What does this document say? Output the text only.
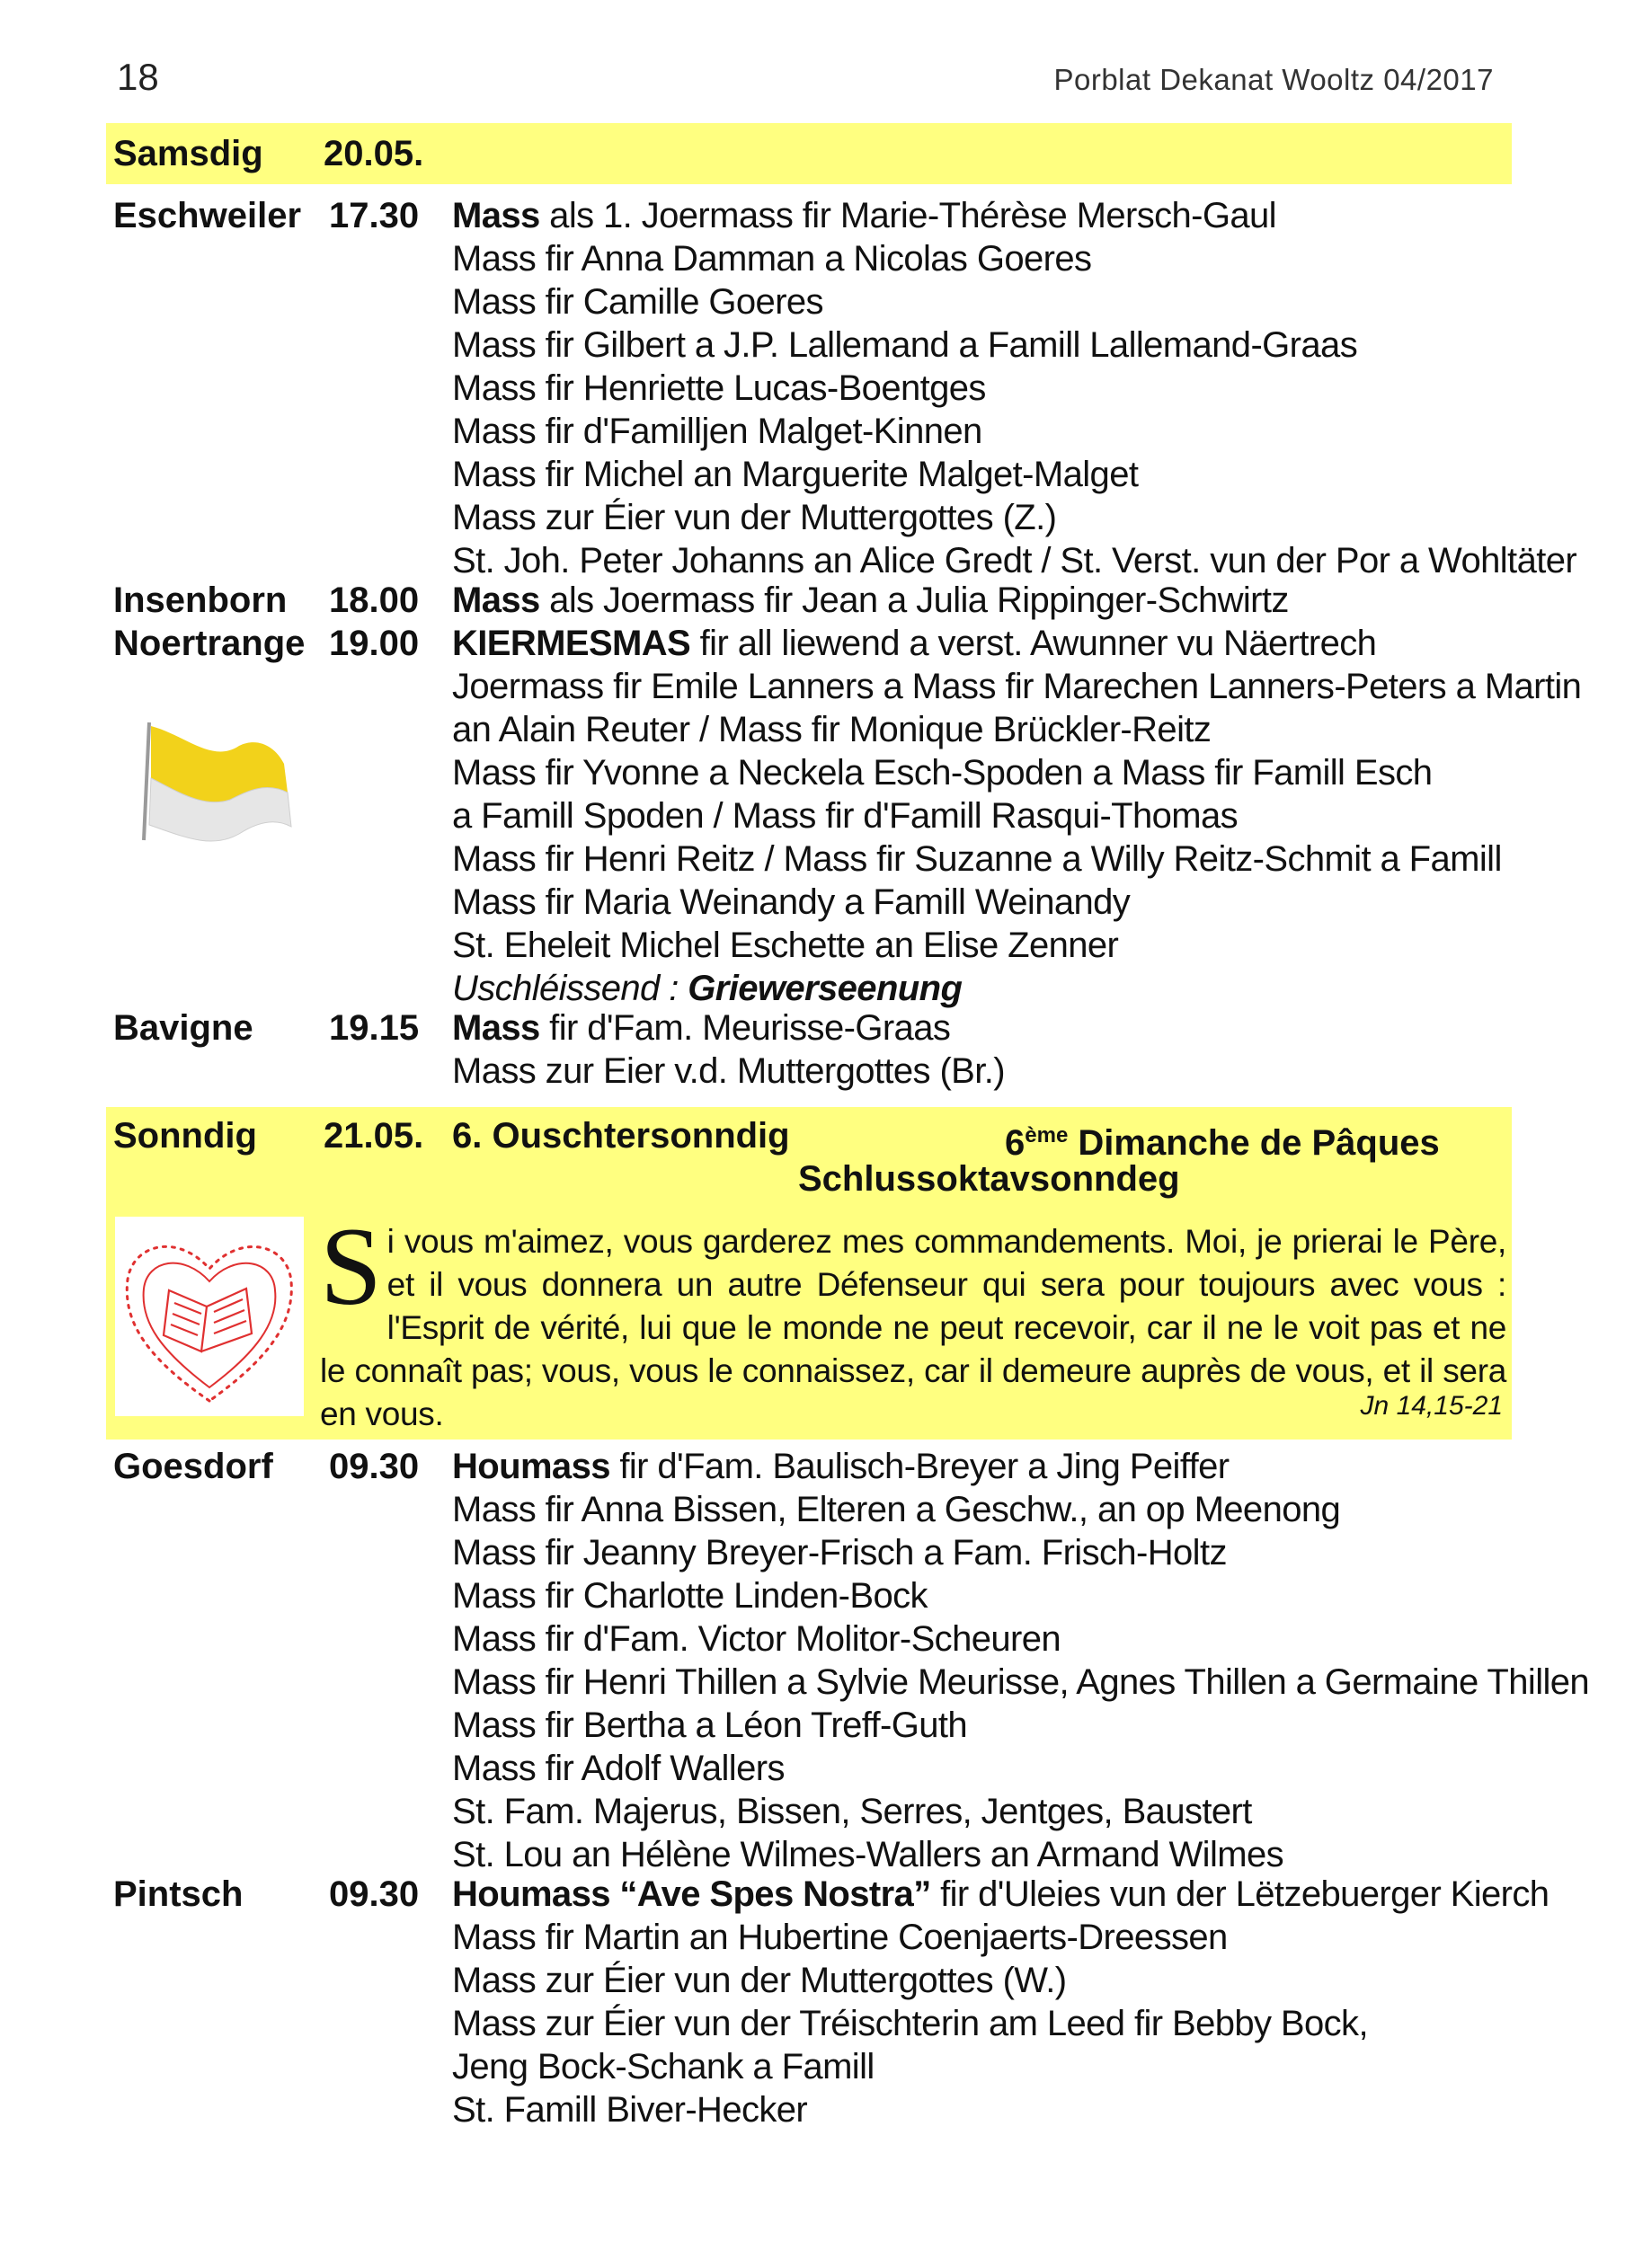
18	Porblat Dekanat Wooltz 04/2017
Samsdig 20.05.
Eschweiler 17.30 Mass als 1. Joermass fir Marie-Thérèse Mersch-Gaul
Mass fir Anna Damman a Nicolas Goeres
Mass fir Camille Goeres
Mass fir Gilbert a J.P. Lallemand a Famill Lallemand-Graas
Mass fir Henriette Lucas-Boentges
Mass fir d'Familljen Malget-Kinnen
Mass fir Michel an Marguerite Malget-Malget
Mass zur Éier vun der Muttergottes (Z.)
St. Joh. Peter Johanns an Alice Gredt / St. Verst. vun der Por a Wohltäter
Insenborn 18.00 Mass als Joermass fir Jean a Julia Rippinger-Schwirtz
Noertrange 19.00 KIERMESMAS fir all liewend a verst. Awunner vu Näertrech
Joermass fir Emile Lanners a Mass fir Marechen Lanners-Peters a Martin
an Alain Reuter / Mass fir Monique Brückler-Reitz
Mass fir Yvonne a Neckela Esch-Spoden a Mass fir Famill Esch
a Famill Spoden / Mass fir d'Famill Rasqui-Thomas
Mass fir Henri Reitz / Mass fir Suzanne a Willy Reitz-Schmit a Famill
Mass fir Maria Weinandy a Famill Weinandy
St. Eheleit Michel Eschette an Elise Zenner
Uschléissend : Griewerseenung
Bavigne 19.15 Mass fir d'Fam. Meurisse-Graas
Mass zur Eier v.d. Muttergottes (Br.)
Sonndig 21.05. 6. Ouschtersonndig	6ème Dimanche de Pâques
Schlussoktavsonndeg
Si vous m'aimez, vous garderez mes commandements. Moi, je prierai le Père, et il vous donnera un autre Défenseur qui sera pour toujours avec vous : l'Esprit de vérité, lui que le monde ne peut recevoir, car il ne le voit pas et ne le connaît pas; vous, vous le connaissez, car il demeure auprès de vous, et il sera en vous.	Jn 14,15-21
Goesdorf 09.30 Houmass fir d'Fam. Baulisch-Breyer a Jing Peiffer
Mass fir Anna Bissen, Elteren a Geschw., an op Meenong
Mass fir Jeanny Breyer-Frisch a Fam. Frisch-Holtz
Mass fir Charlotte Linden-Bock
Mass fir d'Fam. Victor Molitor-Scheuren
Mass fir Henri Thillen a Sylvie Meurisse, Agnes Thillen a Germaine Thillen
Mass fir Bertha a Léon Treff-Guth
Mass fir Adolf Wallers
St. Fam. Majerus, Bissen, Serres, Jentges, Baustert
St. Lou an Hélène Wilmes-Wallers an Armand Wilmes
Pintsch 09.30 Houmass “Ave Spes Nostra” fir d'Uleies vun der Lëtzebuerger Kierch
Mass fir Martin an Hubertine Coenjaerts-Dreessen
Mass zur Éier vun der Muttergottes (W.)
Mass zur Éier vun der Tréischterin am Leed fir Bebby Bock,
Jeng Bock-Schank a Famill
St. Famill Biver-Hecker
